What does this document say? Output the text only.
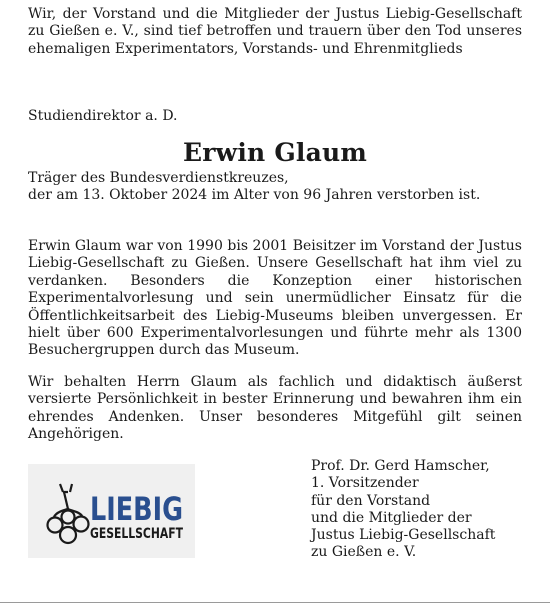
Wir, der Vorstand und die Mitglieder der Justus Liebig-Gesellschaft zu Gießen e. V., sind tief betroffen und trauern über den Tod unseres ehemaligen Experimentators, Vorstands- und Ehrenmitglieds

Studiendirektor a. D.
Erwin Glaum
Träger des Bundesverdienstkreuzes,

der am 13. Oktober 2024 im Alter von 96 Jahren verstorben ist.

Erwin Glaum war von 1990 bis 2001 Beisitzer im Vorstand der Justus Liebig-Gesellschaft zu Gießen. Unsere Gesellschaft hat ihm viel zu verdanken. Besonders die Konzeption einer historischen Experimentalvorlesung und sein unermüdlicher Einsatz für die Öffentlichkeitsarbeit des Liebig-Museums bleiben unvergessen. Er hielt über 600 Experimentalvorlesungen und führte mehr als 1300 Besuchergruppen durch das Museum.

Wir behalten Herrn Glaum als fachlich und didaktisch äußerst versierte Persönlichkeit in bester Erinnerung und bewahren ihm ein ehrendes Andenken. Unser besonderes Mitgefühl gilt seinen Angehörigen.

LIEBIG
GESELLSCHAFT
Prof. Dr. Gerd Hamscher,
1. Vorsitzender
für den Vorstand
und die Mitglieder der
Justus Liebig-Gesellschaft
zu Gießen e. V.
